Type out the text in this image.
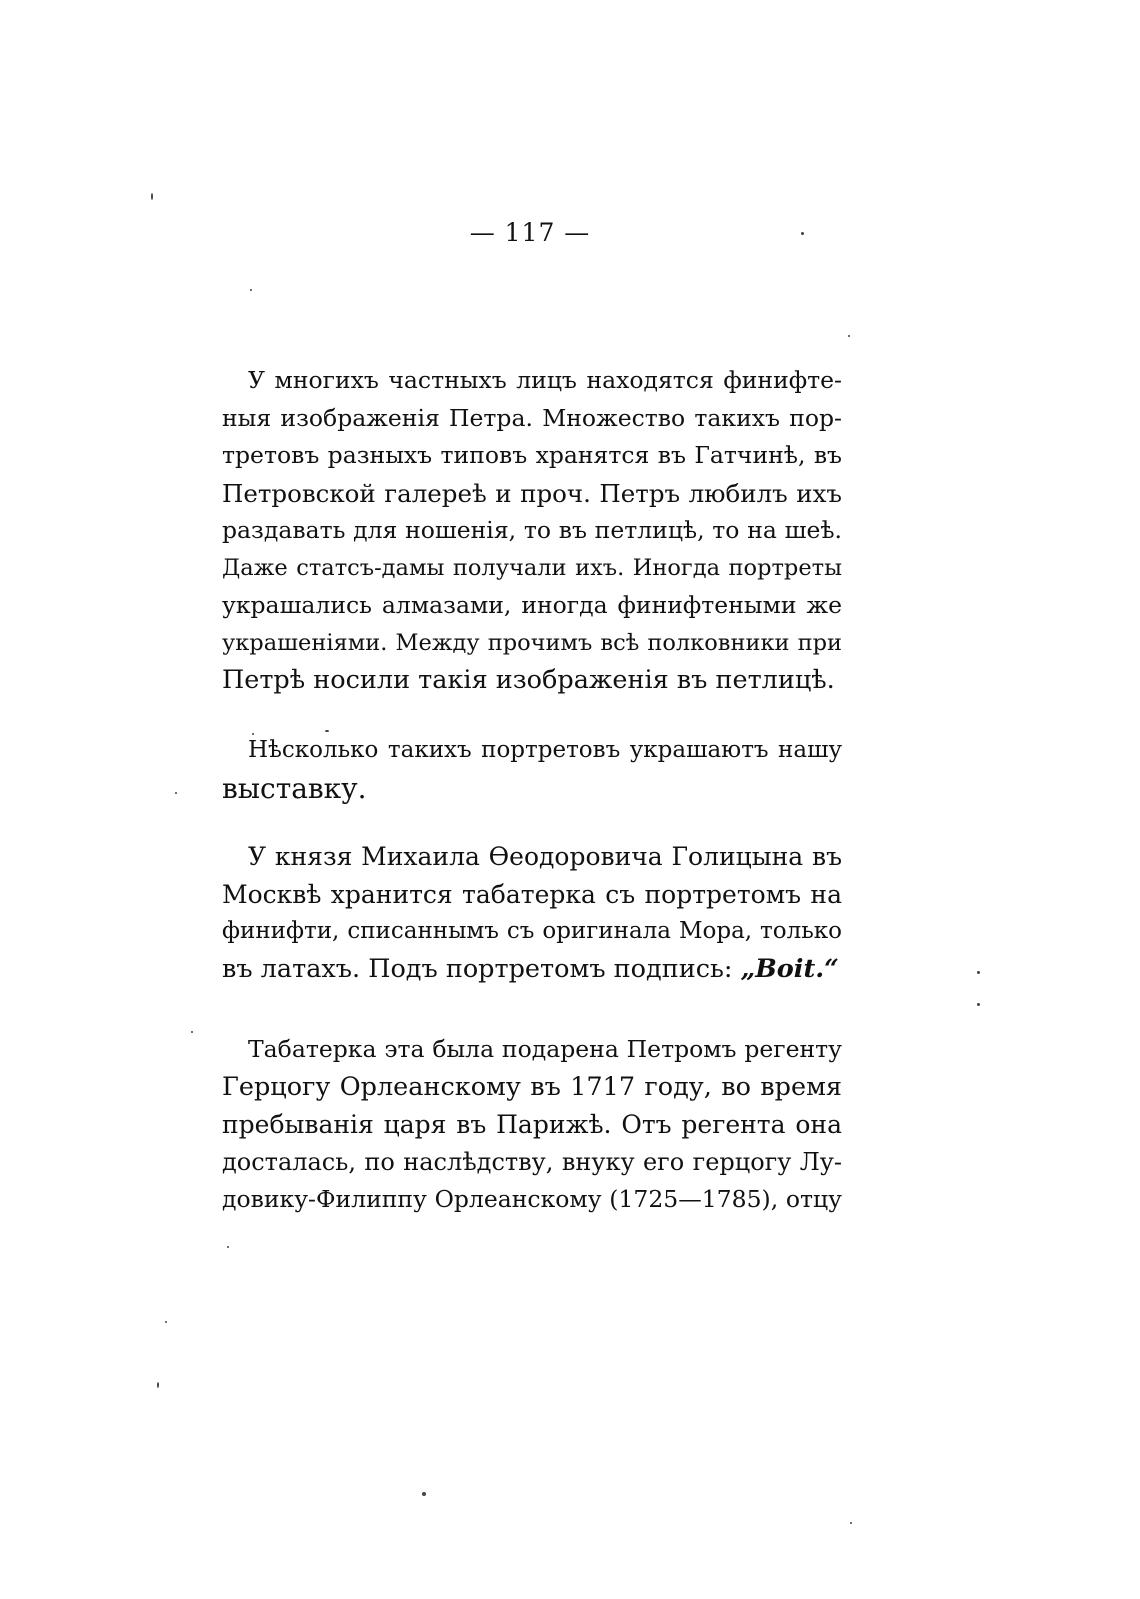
— 117 —
У многихъ частныхъ лицъ находятся финифте-
ныя изображенія Петра. Множество такихъ пор-
третовъ разныхъ типовъ хранятся въ Гатчинѣ, въ
Петровской галереѣ и проч. Петръ любилъ ихъ
раздавать для ношенія, то въ петлицѣ, то на шеѣ.
Даже статсъ-дамы получали ихъ. Иногда портреты
украшались алмазами, иногда финифтеными же
украшеніями. Между прочимъ всѣ полковники при
Петрѣ носили такія изображенія въ петлицѣ.
Нѣсколько такихъ портретовъ украшаютъ нашу
выставку.
У князя Михаила Өеодоровича Голицына въ
Москвѣ хранится табатерка съ портретомъ на
финифти, списаннымъ съ оригинала Мора, только
въ латахъ. Подъ портретомъ подпись: „Boit.“
Табатерка эта была подарена Петромъ регенту
Герцогу Орлеанскому въ 1717 году, во время
пребыванія царя въ Парижѣ. Отъ регента она
досталась, по наслѣдству, внуку его герцогу Лу-
довику-Филиппу Орлеанскому (1725—1785), отцу
